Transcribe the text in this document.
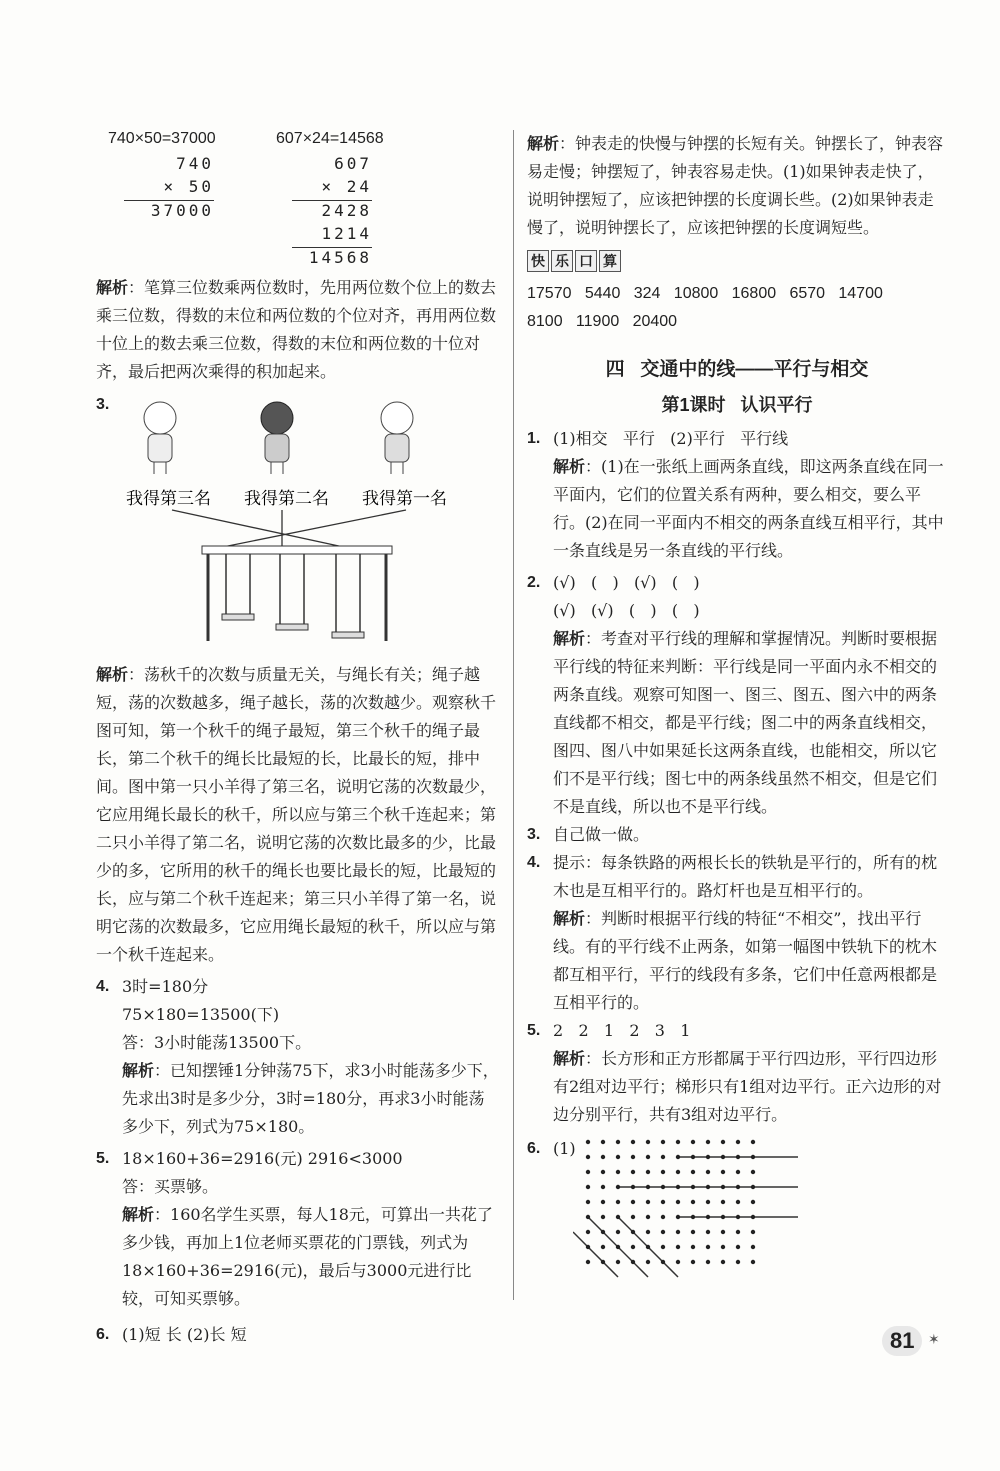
740×50=37000	607×24=14568
740
× 50
37000
607
× 24
2428
1214
14568
解析：笔算三位数乘两位数时，先用两位数个位上的数去乘三位数，得数的末位和两位数的个位对齐，再用两位数十位上的数去乘三位数，得数的末位和两位数的十位对齐，最后把两次乘得的积加起来。
3.
我得第三名 我得第二名 我得第一名
解析：荡秋千的次数与质量无关，与绳长有关；绳子越短，荡的次数越多，绳子越长，荡的次数越少。观察秋千图可知，第一个秋千的绳子最短，第三个秋千的绳子最长，第二个秋千的绳长比最短的长，比最长的短，排中间。图中第一只小羊得了第三名，说明它荡的次数最少，它应用绳长最长的秋千，所以应与第三个秋千连起来；第二只小羊得了第二名，说明它荡的次数比最多的少，比最少的多，它所用的秋千的绳长也要比最长的短，比最短的长，应与第二个秋千连起来；第三只小羊得了第一名，说明它荡的次数最多，它应用绳长最短的秋千，所以应与第一个秋千连起来。
4. 3时=180分
75×180=13500(下)
答：3小时能荡13500下。
解析：已知摆锤1分钟荡75下，求3小时能荡多少下，先求出3时是多少分，3时=180分，再求3小时能荡多少下，列式为75×180。
5. 18×160+36=2916(元) 2916<3000
答：买票够。
解析：160名学生买票，每人18元，可算出一共花了多少钱，再加上1位老师买票花的门票钱，列式为18×160+36=2916(元)，最后与3000元进行比较，可知买票够。
6. (1)短 长 (2)长 短
解析：钟表走的快慢与钟摆的长短有关。钟摆长了，钟表容易走慢；钟摆短了，钟表容易走快。(1)如果钟表走快了，说明钟摆短了，应该把钟摆的长度调长些。(2)如果钟表走慢了，说明钟摆长了，应该把钟摆的长度调短些。
快 乐 口 算
17570   5440   324   10800   16800   6570   14700
8100   11900   20400
四   交通中的线——平行与相交
第1课时   认识平行
1. (1)相交   平行   (2)平行   平行线
解析：(1)在一张纸上画两条直线，即这两条直线在同一平面内，它们的位置关系有两种，要么相交，要么平行。(2)在同一平面内不相交的两条直线互相平行，其中一条直线是另一条直线的平行线。
2. (√)   (   )   (√)   (   )
(√)   (√)   (   )   (   )
解析：考查对平行线的理解和掌握情况。判断时要根据平行线的特征来判断：平行线是同一平面内永不相交的两条直线。观察可知图一、图三、图五、图六中的两条直线都不相交，都是平行线；图二中的两条直线相交，图四、图八中如果延长这两条直线，也能相交，所以它们不是平行线；图七中的两条线虽然不相交，但是它们不是直线，所以也不是平行线。
3. 自己做一做。
4. 提示：每条铁路的两根长长的铁轨是平行的，所有的枕木也是互相平行的。路灯杆也是互相平行的。
解析：判断时根据平行线的特征“不相交”，找出平行线。有的平行线不止两条，如第一幅图中铁轨下的枕木都互相平行，平行的线段有多条，它们中任意两根都是互相平行的。
5. 2   2   1   2   3   1
解析：长方形和正方形都属于平行四边形，平行四边形有2组对边平行；梯形只有1组对边平行。正六边形的对边分别平行，共有3组对边平行。
6. (1)
81 ✶
